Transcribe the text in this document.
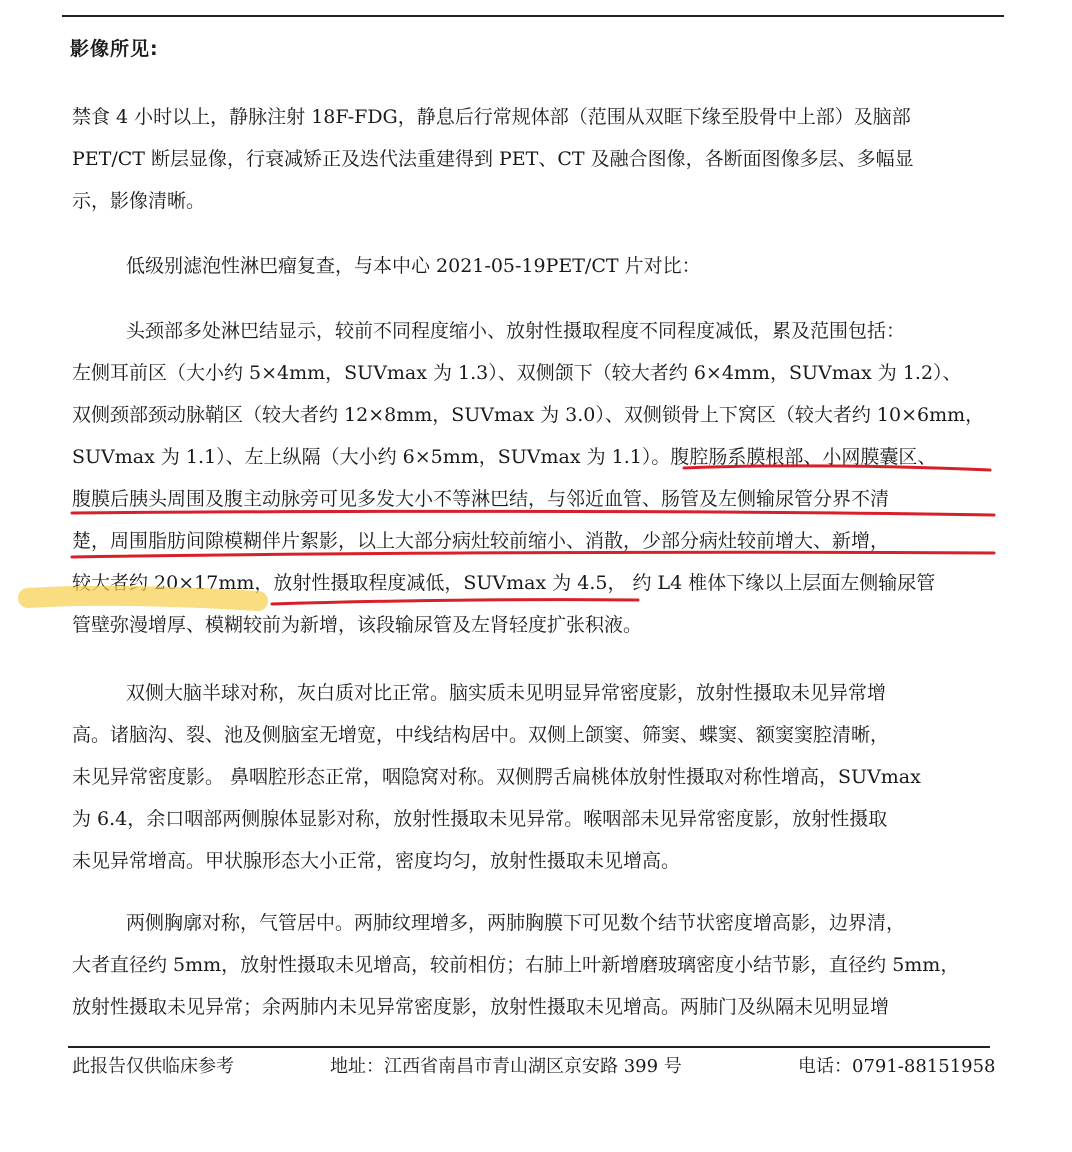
影像所见:
禁食 4 小时以上，静脉注射 18F-FDG，静息后行常规体部（范围从双眶下缘至股骨中上部）及脑部
PET/CT 断层显像，行衰减矫正及迭代法重建得到 PET、CT 及融合图像，各断面图像多层、多幅显
示，影像清晰。
低级别滤泡性淋巴瘤复查，与本中心 2021-05-19PET/CT 片对比：
头颈部多处淋巴结显示，较前不同程度缩小、放射性摄取程度不同程度减低，累及范围包括：
左侧耳前区（大小约 5×4mm，SUVmax 为 1.3）、双侧颌下（较大者约 6×4mm，SUVmax 为 1.2）、
双侧颈部颈动脉鞘区（较大者约 12×8mm，SUVmax 为 3.0）、双侧锁骨上下窝区（较大者约 10×6mm，
SUVmax 为 1.1）、左上纵隔（大小约 6×5mm，SUVmax 为 1.1）。腹腔肠系膜根部、小网膜囊区、
腹膜后胰头周围及腹主动脉旁可见多发大小不等淋巴结，与邻近血管、肠管及左侧输尿管分界不清
楚，周围脂肪间隙模糊伴片絮影，以上大部分病灶较前缩小、消散，少部分病灶较前增大、新增，
较大者约 20×17mm，放射性摄取程度减低，SUVmax 为 4.5， 约 L4 椎体下缘以上层面左侧输尿管
管壁弥漫增厚、模糊较前为新增，该段输尿管及左肾轻度扩张积液。
双侧大脑半球对称，灰白质对比正常。脑实质未见明显异常密度影，放射性摄取未见异常增
高。诸脑沟、裂、池及侧脑室无增宽，中线结构居中。双侧上颌窦、筛窦、蝶窦、额窦窦腔清晰，
未见异常密度影。 鼻咽腔形态正常，咽隐窝对称。双侧腭舌扁桃体放射性摄取对称性增高，SUVmax
为 6.4，余口咽部两侧腺体显影对称，放射性摄取未见异常。喉咽部未见异常密度影，放射性摄取
未见异常增高。甲状腺形态大小正常，密度均匀，放射性摄取未见增高。
两侧胸廓对称，气管居中。两肺纹理增多，两肺胸膜下可见数个结节状密度增高影，边界清，
大者直径约 5mm，放射性摄取未见增高，较前相仿；右肺上叶新增磨玻璃密度小结节影，直径约 5mm，
放射性摄取未见异常；余两肺内未见异常密度影，放射性摄取未见增高。两肺门及纵隔未见明显增
此报告仅供临床参考	地址：江西省南昌市青山湖区京安路 399 号	电话：0791-88151958
